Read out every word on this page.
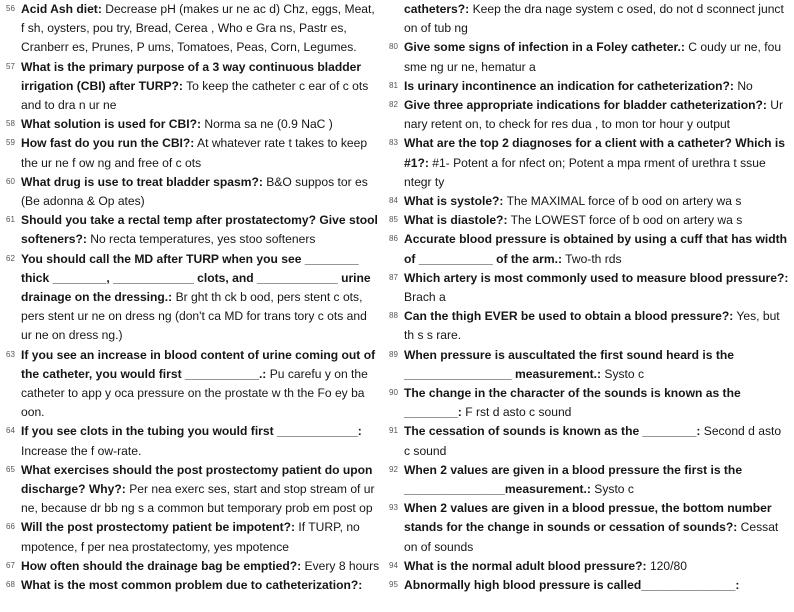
56 Acid Ash diet: Decrease pH (makes ur ne ac d) Chz, eggs, Meat, f sh, oysters, pou try, Bread, Cerea , Who e Gra ns, Pastr es, Cranberr es, Prunes, P ums, Tomatoes, Peas, Corn, Legumes.
57 What is the primary purpose of a 3 way continuous bladder irrigation (CBI) after TURP?: To keep the catheter c ear of c ots and to dra n ur ne
58 What solution is used for CBI?: Norma sa ne (0.9 NaC )
59 How fast do you run the CBI?: At whatever rate t takes to keep the ur ne f ow ng and free of c ots
60 What drug is use to treat bladder spasm?: B&O suppos tor es (Be adonna & Op ates)
61 Should you take a rectal temp after prostatectomy? Give stool softeners?: No recta temperatures, yes stoo softeners
62 You should call the MD after TURP when you see ________ thick ________, ____________ clots, and ____________ urine drainage on the dressing.: Br ght th ck b ood, pers stent c ots, pers stent ur ne on dress ng (don't ca MD for trans tory c ots and ur ne on dress ng.)
63 If you see an increase in blood content of urine coming out of the catheter, you would first ___________.: Pu carefu y on the catheter to app y oca pressure on the prostate w th the Fo ey ba oon.
64 If you see clots in the tubing you would first ____________: Increase the f ow-rate.
65 What exercises should the post prostectomy patient do upon discharge? Why?: Per nea exerc ses, start and stop stream of ur ne, because dr bb ng s a common but temporary prob em post op
66 Will the post prostectomy patient be impotent?: If TURP, no mpotence, f per nea prostatectomy, yes mpotence
67 How often should the drainage bag be emptied?: Every 8 hours
68 What is the most common problem due to catheterization?:
catheters?: Keep the dra nage system c osed, do not d sconnect junct on of tub ng
80 Give some signs of infection in a Foley catheter.: C oudy ur ne, fou sme ng ur ne, hematur a
81 Is urinary incontinence an indication for catheterization?: No
82 Give three appropriate indications for bladder catheterization?: Ur nary retent on, to check for res dua , to mon tor hour y output
83 What are the top 2 diagnoses for a client with a catheter? Which is #1?: #1- Potent a for nfect on; Potent a mpa rment of urethra t ssue ntegr ty
84 What is systole?: The MAXIMAL force of b ood on artery wa s
85 What is diastole?: The LOWEST force of b ood on artery wa s
86 Accurate blood pressure is obtained by using a cuff that has width of ___________ of the arm.: Two-th rds
87 Which artery is most commonly used to measure blood pressure?: Brach a
88 Can the thigh EVER be used to obtain a blood pressure?: Yes, but th s s rare.
89 When pressure is auscultated the first sound heard is the ________________ measurement.: Systo c
90 The change in the character of the sounds is known as the ________: F rst d asto c sound
91 The cessation of sounds is known as the ________: Second d asto c sound
92 When 2 values are given in a blood pressure the first is the _______________measurement.: Systo c
93 When 2 values are given in a blood pressue, the bottom number stands for the change in sounds or cessation of sounds?: Cessat on of sounds
94 What is the normal adult blood pressure?: 120/80
95 Abnormally high blood pressure is called______________:
